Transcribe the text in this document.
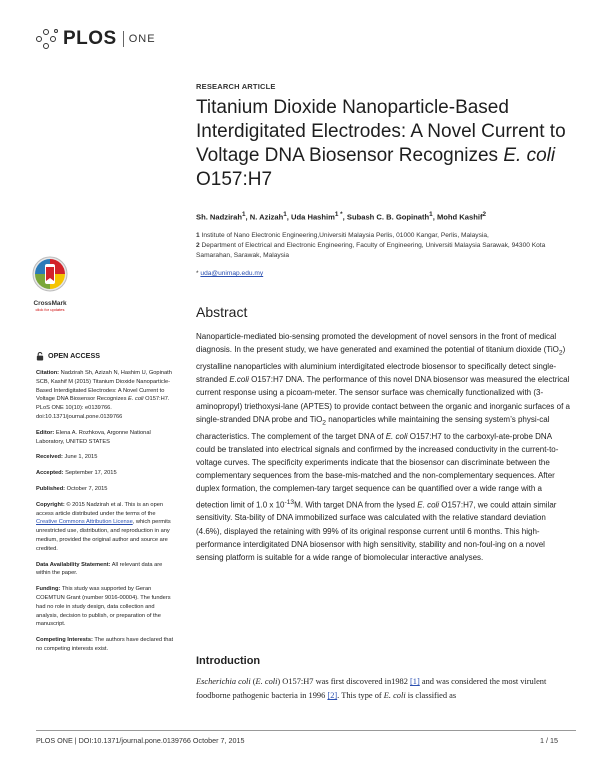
PLOS ONE
RESEARCH ARTICLE
Titanium Dioxide Nanoparticle-Based
Interdigitated Electrodes: A Novel Current to
Voltage DNA Biosensor Recognizes E. coli
O157:H7
Sh. Nadzirah$^1$, N. Azizah$^1$, Uda Hashim$^{1 *}$, Subash C. B. Gopinath$^1$, Mohd Kashif$^2$
1 Institute of Nano Electronic Engineering,Universiti Malaysia Perlis, 01000 Kangar, Perlis, Malaysia,
2 Department of Electrical and Electronic Engineering, Faculty of Engineering, Universiti Malaysia Sarawak, 94300 Kota Samarahan, Sarawak, Malaysia
* uda@unimap.edu.my
CrossMark
click for updates
OPEN ACCESS
Citation: Nadzirah Sh, Azizah N, Hashim U, Gopinath SCB, Kashif M (2015) Titanium Dioxide Nanoparticle-Based Interdigitated Electrodes: A Novel Current to Voltage DNA Biosensor Recognizes E. coli O157:H7. PLoS ONE 10(10): e0139766. doi:10.1371/journal.pone.0139766
Editor: Elena A. Rozhkova, Argonne National Laboratory, UNITED STATES
Received: June 1, 2015
Accepted: September 17, 2015
Published: October 7, 2015
Copyright: © 2015 Nadzirah et al. This is an open access article distributed under the terms of the Creative Commons Attribution License, which permits unrestricted use, distribution, and reproduction in any medium, provided the original author and source are credited.
Data Availability Statement: All relevant data are within the paper.
Funding: This study was supported by Geran COEMTUN Grant (number 9016-00004). The funders had no role in study design, data collection and analysis, decision to publish, or preparation of the manuscript.
Competing Interests: The authors have declared that no competing interests exist.
Abstract
Nanoparticle-mediated bio-sensing promoted the development of novel sensors in the front of medical diagnosis. In the present study, we have generated and examined the potential of titanium dioxide (TiO$_2$) crystalline nanoparticles with aluminium interdigitated electrode biosensor to specifically detect single-stranded E.coli O157:H7 DNA. The performance of this novel DNA biosensor was measured the electrical current response using a picoam-meter. The sensor surface was chemically functionalized with (3-aminopropyl) triethoxysi-lane (APTES) to provide contact between the organic and inorganic surfaces of a single-stranded DNA probe and TiO$_2$ nanoparticles while maintaining the sensing system’s physi-cal characteristics. The complement of the target DNA of E. coli O157:H7 to the carboxyl-ate-probe DNA could be translated into electrical signals and confirmed by the increased conductivity in the current-to-voltage curves. The specificity experiments indicate that the biosensor can discriminate between the complementary sequences from the base-mis-matched and the non-complementary sequences. After duplex formation, the complemen-tary target sequence can be quantified over a wide range with a detection limit of 1.0 x $10^{-13}M$. With target DNA from the lysed E. coli O157:H7, we could attain similar sensitivity. Sta-bility of DNA immobilized surface was calculated with the relative standard deviation (4.6%), displayed the retaining with 99% of its original response current until 6 months. This high-performance interdigitated DNA biosensor with high sensitivity, stability and non-foul-ing on a novel sensing platform is suitable for a wide range of biomolecular interactive analyses.
Introduction
Escherichia coli (E. coli) O157:H7 was first discovered in1982 [1] and was considered the most virulent foodborne pathogenic bacteria in 1996 [2]. This type of E. coli is classified as
PLOS ONE | DOI:10.1371/journal.pone.0139766 October 7, 2015	1 / 15
